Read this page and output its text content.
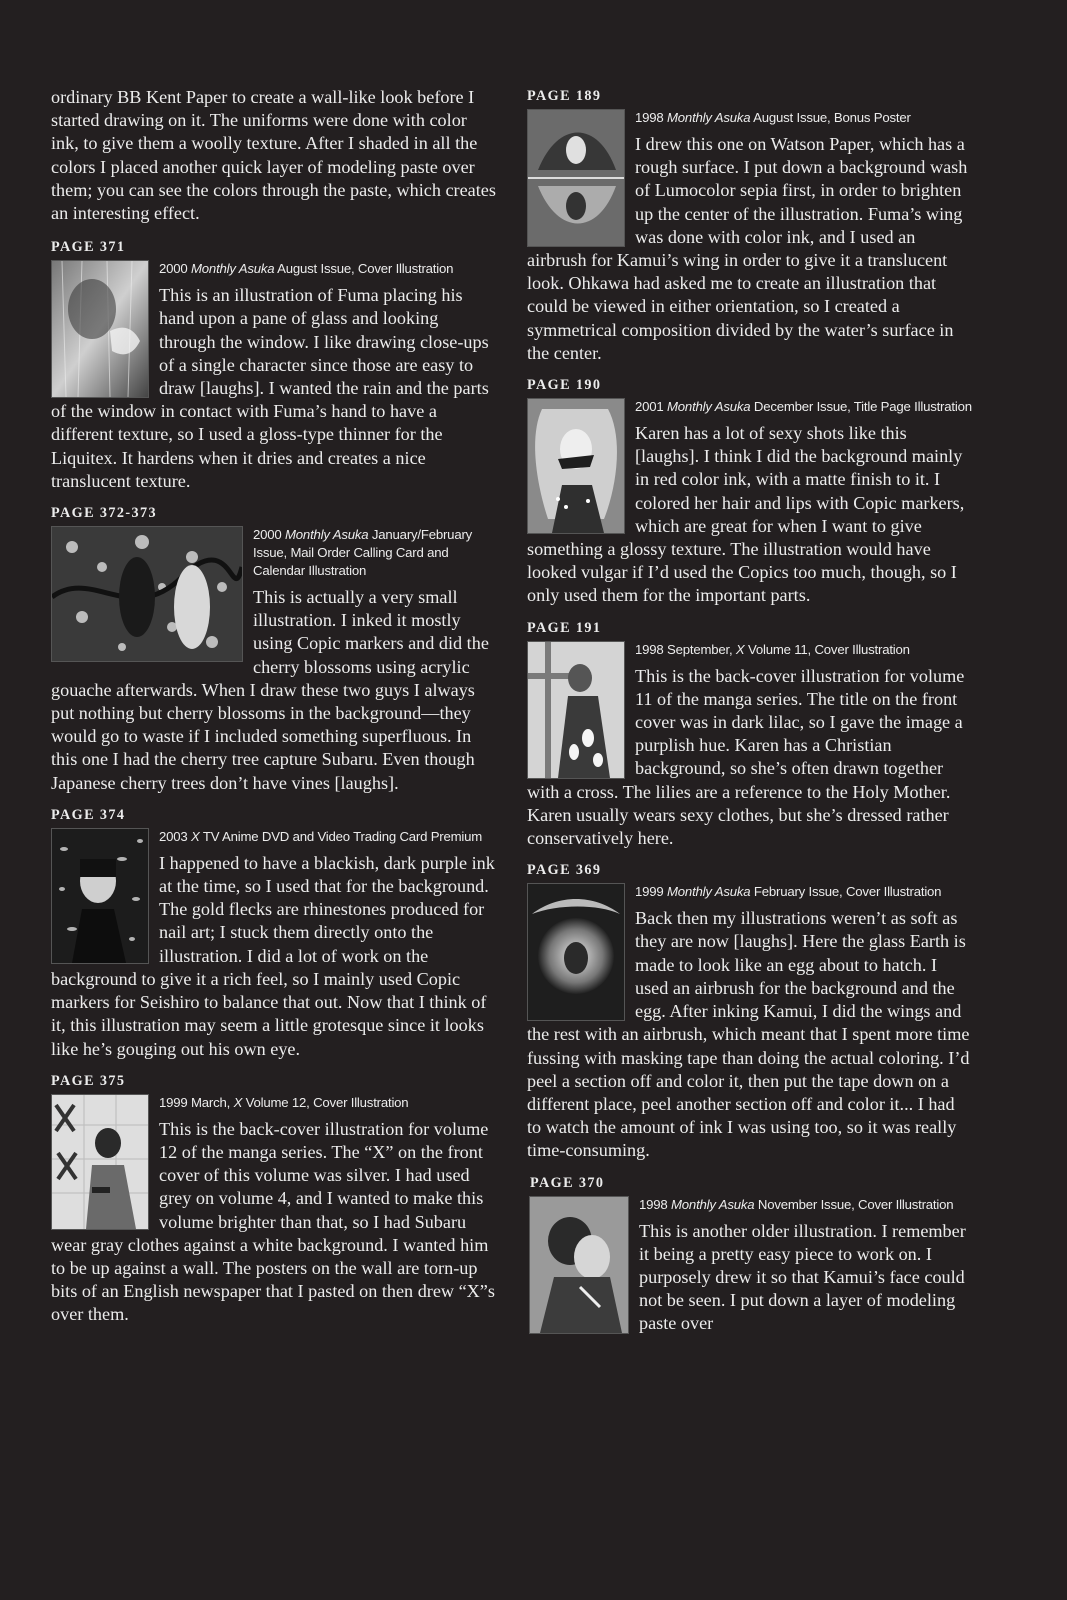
ordinary BB Kent Paper to create a wall-like look before I started drawing on it. The uniforms were done with color ink, to give them a woolly texture. After I shaded in all the colors I placed another quick layer of modeling paste over them; you can see the colors through the paste, which creates an interesting effect.

PAGE 371
2000 Monthly Asuka August Issue, Cover Illustration

This is an illustration of Fuma placing his hand upon a pane of glass and looking through the window. I like drawing close-ups of a single character since those are easy to draw [laughs]. I wanted the rain and the parts of the window in contact with Fuma’s hand to have a different texture, so I used a gloss-type thinner for the Liquitex. It hardens when it dries and creates a nice translucent texture.

PAGE 372-373
2000 Monthly Asuka January/February Issue, Mail Order Calling Card and Calendar Illustration

This is actually a very small illustration. I inked it mostly using Copic markers and did the cherry blossoms using acrylic gouache afterwards. When I draw these two guys I always put nothing but cherry blossoms in the background—they would go to waste if I included something superfluous. In this one I had the cherry tree capture Subaru. Even though Japanese cherry trees don’t have vines [laughs].

PAGE 374
2003 X TV Anime DVD and Video Trading Card Premium

I happened to have a blackish, dark purple ink at the time, so I used that for the background. The gold flecks are rhinestones produced for nail art; I stuck them directly onto the illustration. I did a lot of work on the background to give it a rich feel, so I mainly used Copic markers for Seishiro to balance that out. Now that I think of it, this illustration may seem a little grotesque since it looks like he’s gouging out his own eye.

PAGE 375
1999 March, X Volume 12, Cover Illustration

This is the back-cover illustration for volume 12 of the manga series. The “X” on the front cover of this volume was silver. I had used grey on volume 4, and I wanted to make this volume brighter than that, so I had Subaru wear gray clothes against a white background. I wanted him to be up against a wall. The posters on the wall are torn-up bits of an English newspaper that I pasted on then drew “X”s over them.

PAGE 189
1998 Monthly Asuka August Issue, Bonus Poster

I drew this one on Watson Paper, which has a rough surface. I put down a background wash of Lumocolor sepia first, in order to brighten up the center of the illustration. Fuma’s wing was done with color ink, and I used an airbrush for Kamui’s wing in order to give it a translucent look. Ohkawa had asked me to create an illustration that could be viewed in either orientation, so I created a symmetrical composition divided by the water’s surface in the center.

PAGE 190
2001 Monthly Asuka December Issue, Title Page Illustration

Karen has a lot of sexy shots like this [laughs]. I think I did the background mainly in red color ink, with a matte finish to it. I colored her hair and lips with Copic markers, which are great for when I want to give something a glossy texture. The illustration would have looked vulgar if I’d used the Copics too much, though, so I only used them for the important parts.

PAGE 191
1998 September, X Volume 11, Cover Illustration

This is the back-cover illustration for volume 11 of the manga series. The title on the front cover was in dark lilac, so I gave the image a purplish hue. Karen has a Christian background, so she’s often drawn together with a cross. The lilies are a reference to the Holy Mother. Karen usually wears sexy clothes, but she’s dressed rather conservatively here.

PAGE 369
1999 Monthly Asuka February Issue, Cover Illustration

Back then my illustrations weren’t as soft as they are now [laughs]. Here the glass Earth is made to look like an egg about to hatch. I used an airbrush for the background and the egg. After inking Kamui, I did the wings and the rest with an airbrush, which meant that I spent more time fussing with masking tape than doing the actual coloring. I’d peel a section off and color it, then put the tape down on a different place, peel another section off and color it... I had to watch the amount of ink I was using too, so it was really time-consuming.

PAGE 370
1998 Monthly Asuka November Issue, Cover Illustration

This is another older illustration. I remember it being a pretty easy piece to work on. I purposely drew it so that Kamui’s face could not be seen. I put down a layer of modeling paste over
